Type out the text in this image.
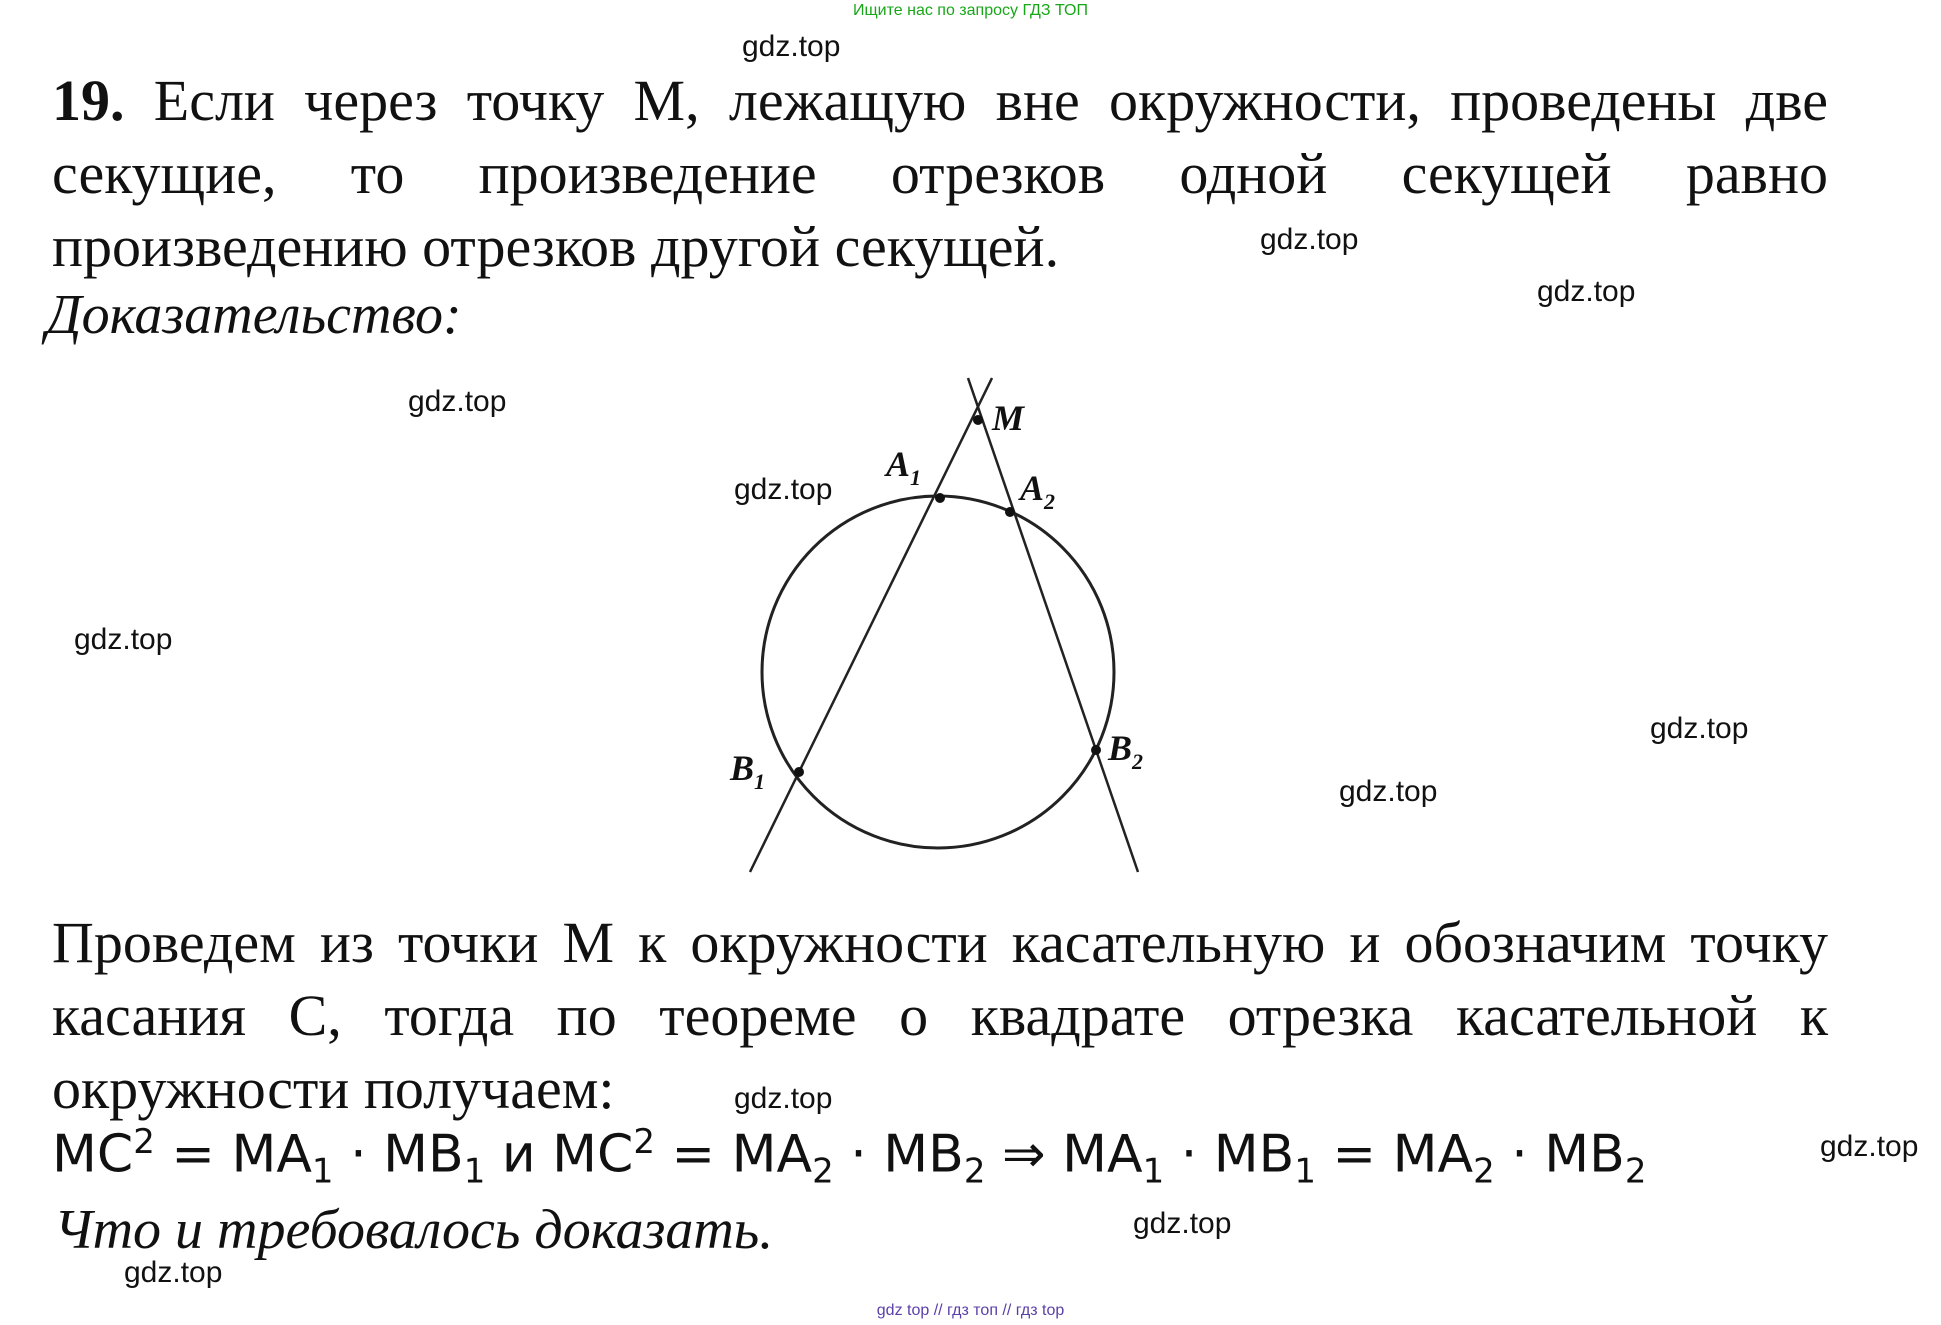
Ищите нас по запросу ГДЗ ТОП
gdz.top
gdz.top
gdz.top
gdz.top
gdz.top
gdz.top
gdz.top
gdz.top
gdz.top
gdz.top
gdz.top
gdz.top

19. Если через точку М, лежащую вне окружности, проведены две секущие, то произведение отрезков одной секущей равно произведению отрезков другой секущей.

Доказательство:
M
$A_1$	$A_2$
$B_1$
$B_2$

Проведем из точки М к окружности касательную и обозначим точку касания С, тогда по теореме о квадрате отрезка касательной к окружности получаем:

$MC^2 = MA_1 \cdot MB_1$ и $MC^2 = MA_2 \cdot MB_2$ ⇒ $MA_1 \cdot MB_1 = MA_2 \cdot MB_2$
Что и требовалось доказать.
gdz top // гдз топ // гдз top
